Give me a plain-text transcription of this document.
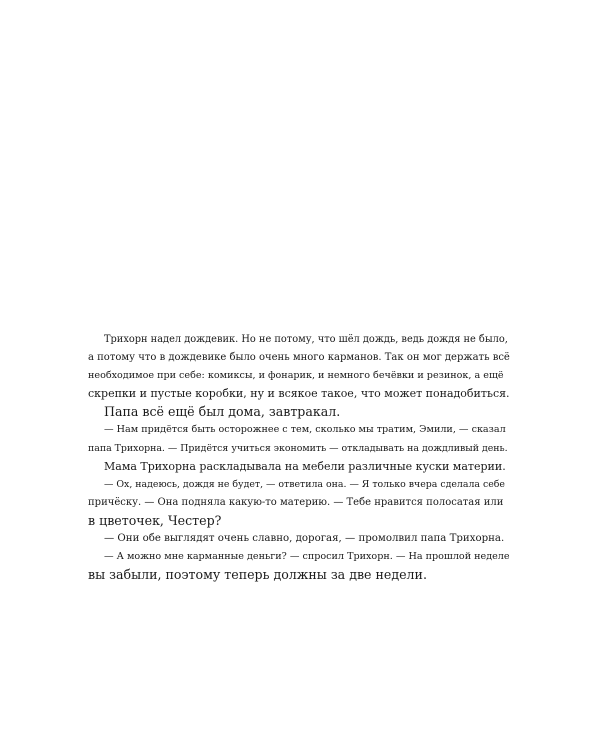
Трихорн надел дождевик. Но не потому, что шёл дождь, ведь дождя не было,
а потому что в дождевике было очень много карманов. Так он мог держать всё
необходимое при себе: комиксы, и фонарик, и немного бечёвки и резинок, а ещё
скрепки и пустые коробки, ну и всякое такое, что может понадобиться.

Папа всё ещё был дома, завтракал.

— Нам придётся быть осторожнее с тем, сколько мы тратим, Эмили, — сказал
папа Трихорна. — Придётся учиться экономить — откладывать на дождливый день.

Мама Трихорна раскладывала на мебели различные куски материи.

— Ох, надеюсь, дождя не будет, — ответила она. — Я только вчера сделала себе
причёску. — Она подняла какую-то материю. — Тебе нравится полосатая или
в цветочек, Честер?

— Они обе выглядят очень славно, дорогая, — промолвил папа Трихорна.

— А можно мне карманные деньги? — спросил Трихорн. — На прошлой неделе
вы забыли, поэтому теперь должны за две недели.
